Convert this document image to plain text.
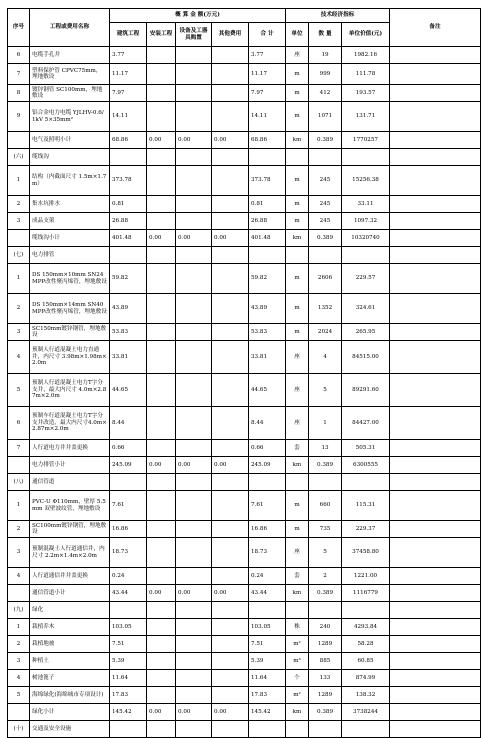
序号	工程或费用名称	概 算 金 额(万元)					技术经济指标			备注
		建筑工程	安装工程	设备及工器具购置	其他费用	合 计	单位	数 量	单位价值(元)	
6	电缆手孔井	3.77				3.77	座	19	1982.16	
7	塑料保护管 CPVC75mm，埋地敷设	11.17				11.17	m	999	111.78	
8	镀锌钢管 SC100mm，埋地敷设	7.97				7.97	m	412	193.57	
9	铝合金电力电缆 YJLHV-0.6/1kV 5×35mm²	14.11				14.11	m	1071	131.71	
	电气及照明小计	68.86	0.00	0.00	0.00	68.86	km	0.389	1770257	
(六)	缆线沟									
1	结构（内截面尺寸 1.5m×1.7m）	373.78				373.78	m	245	15256.38	
2	集水坑排水	0.81				0.81	m	245	33.11	
3	成品支架	26.88				26.88	m	245	1097.32	
	缆线沟小计	401.48	0.00	0.00	0.00	401.48	km	0.389	10320740	
(七)	电力排管									
1	DS 150mm×10mm SN24 MPP改性聚丙烯管，埋地敷设	59.82				59.82	m	2606	229.57	
2	DS 150mm×14mm SN40 MPP改性聚丙烯管，埋地敷设	43.89				43.89	m	1352	324.61	
3	SC150mm镀锌钢管，埋地敷设	53.83				53.83	m	2024	265.95	
4	预制人行道混凝土电力直通井，内尺寸 3.98m×1.98m×2.0m	33.81				33.81	座	4	84515.00	
5	预制人行道混凝土电力T字分支井，最大内尺寸 4.0m×2.87m×2.0m	44.65				44.65	座	5	89291.60	
6	预制车行道混凝土电力T字分支井改造，最大内尺寸4.0m×2.87m×2.0m	8.44				8.44	座	1	84427.00	
7	人行道电力井井盖更换	0.66				0.66	套	13	505.31	
	电力排管小计	245.09	0.00	0.00	0.00	245.09	km	0.389	6300555	
(八)	通信管道									
1	PVC-U Φ110mm，壁厚 5.5mm 双壁波纹管，埋地敷设	7.61				7.61	m	660	115.31	
2	SC100mm镀锌钢管，埋地敷设	16.86				16.86	m	735	229.37	
3	预制混凝土人行道通信井，内尺寸 2.2m×1.4m×2.0m	18.73				18.73	座	5	37458.80	
4	人行道通信井井盖更换	0.24				0.24	套	2	1221.00	
	通信管道小计	43.44	0.00	0.00	0.00	43.44	km	0.389	1116779	
(九)	绿化									
1	栽植乔木	103.05				103.05	株	240	4293.84	
2	栽植地被	7.51				7.51	m²	1289	58.28	
3	种植土	5.39				5.39	m³	885	60.85	
4	树池篦子	11.64				11.64	个	133	874.99	
5	海绵绿化(海绵城市专项设计)	17.83				17.83	m²	1289	138.32	
	绿化小计	145.42	0.00	0.00	0.00	145.42	km	0.389	3738244	
(十)	交通及安全设施									
